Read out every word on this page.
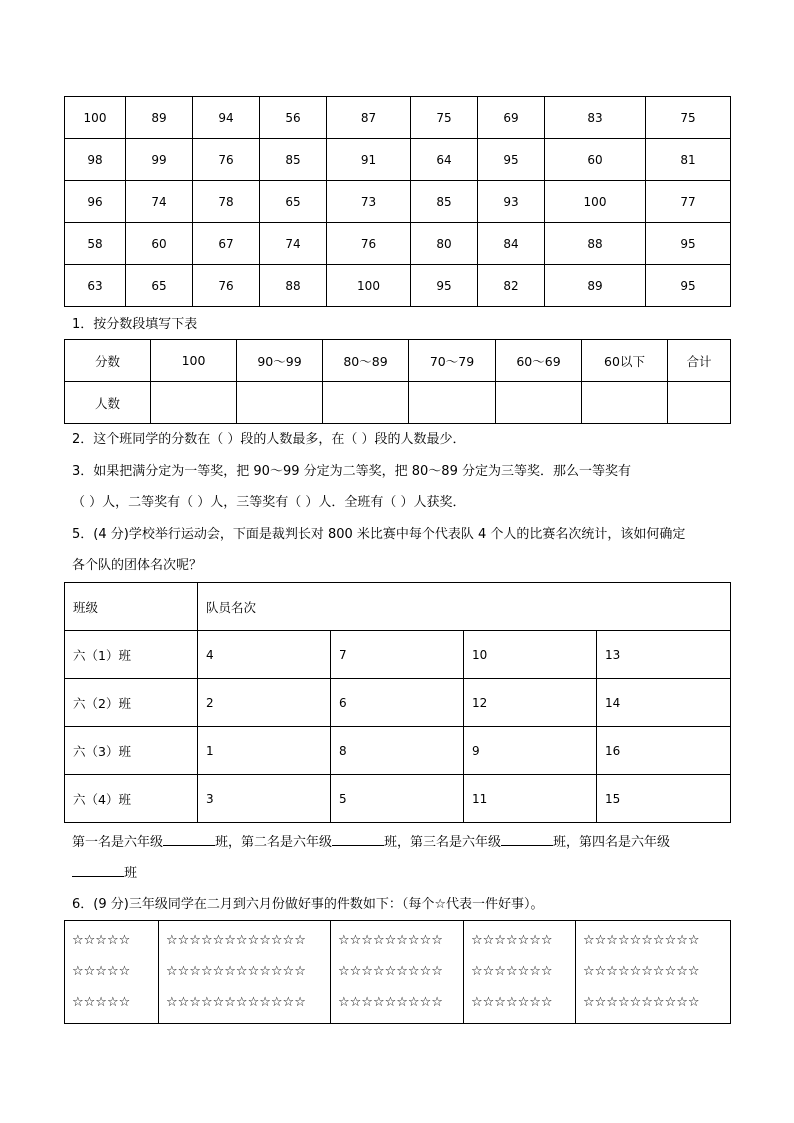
100	89	94	56	87	75	69	83	75
98	99	76	85	91	64	95	60	81
96	74	78	65	73	85	93	100	77
58	60	67	74	76	80	84	88	95
63	65	76	88	100	95	82	89	95
1．按分数段填写下表
分数	100	90～99	80～89	70～79	60～69	60以下	合计
人数							
2．这个班同学的分数在（ ）段的人数最多，在（ ）段的人数最少．
3．如果把满分定为一等奖，把 90～99 分定为二等奖，把 80～89 分定为三等奖．那么一等奖有
（ ）人，二等奖有（ ）人，三等奖有（ ）人．全班有（ ）人获奖．
5．(4 分)学校举行运动会，下面是裁判长对 800 米比赛中每个代表队 4 个人的比赛名次统计，该如何确定
各个队的团体名次呢？
班级	队员名次			
六（1）班	4	7	10	13
六（2）班	2	6	12	14
六（3）班	1	8	9	16
六（4）班	3	5	11	15
第一名是六年级	班，第二名是六年级	班，第三名是六年级	班，第四名是六年级
班
6．(9 分)三年级同学在二月到六月份做好事的件数如下：（每个☆代表一件好事）。
☆☆☆☆☆
☆☆☆☆☆
☆☆☆☆☆

☆☆☆☆☆☆☆☆☆☆☆☆
☆☆☆☆☆☆☆☆☆☆☆☆
☆☆☆☆☆☆☆☆☆☆☆☆

☆☆☆☆☆☆☆☆☆
☆☆☆☆☆☆☆☆☆
☆☆☆☆☆☆☆☆☆

☆☆☆☆☆☆☆
☆☆☆☆☆☆☆
☆☆☆☆☆☆☆

☆☆☆☆☆☆☆☆☆☆
☆☆☆☆☆☆☆☆☆☆
☆☆☆☆☆☆☆☆☆☆
